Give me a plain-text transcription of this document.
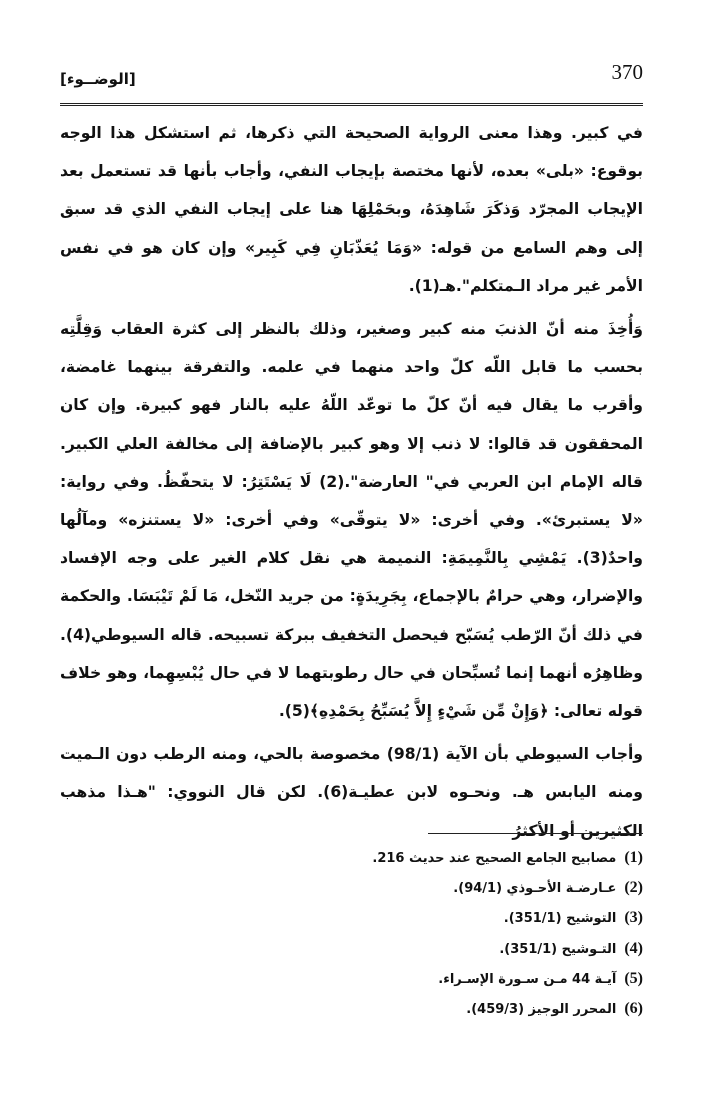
370
[الوضــوء]

في كبير. وهذا معنى الرواية الصحيحة التي ذكرها، ثم استشكل هذا الوجه بوقوع: «بلى» بعده، لأنها مختصة بإيجاب النفي، وأجاب بأنها قد تستعمل بعد الإيجاب المجرّد وَذكَرَ شَاهِدَهُ، وبحَمْلِهَا هنا على إيجاب النفي الذي قد سبق إلى وهم السامع من قوله: «وَمَا يُعَذّبَانِ فِي كَبِير» وإن كان هو في نفس الأمر غير مراد الـمتكلم".هـ(1).

وَأُخِذَ منه أنّ الذنبَ منه كبير وصغير، وذلك بالنظر إلى كثرة العقاب وَقِلَّتِه بحسب ما قابل اللّه كلّ واحد منهما في علمه. والتفرقة بينهما غامضة، وأقرب ما يقال فيه أنّ كلّ ما توعّد اللّهُ عليه بالنار فهو كبيرة. وإن كان المحققون قد قالوا: لا ذنب إلا وهو كبير بالإضافة إلى مخالفة العلي الكبير. قاله الإمام ابن العربي في" العارضة".(2) لَا يَسْتَتِرُ: لا يتحفّظُ. وفي رواية: «لا يستبرئ». وفي أخرى: «لا يتوقّى» وفي أخرى: «لا يستنزه» ومآلُها واحدٌ(3). يَمْشِي بِالنَّمِيمَةِ: النميمة هي نقل كلام الغير على وجه الإفساد والإضرار، وهي حرامٌ بالإجماع، بِجَرِيدَةٍ: من جريد النّخل، مَا لَمْ تَيْبَسَا. والحكمة في ذلك أنّ الرّطب يُسَبّح فيحصل التخفيف ببركة تسبيحه. قاله السيوطي(4). وظاهِرُه أنهما إنما تُسبِّحان في حال رطوبتهما لا في حال يُبْسِهِما، وهو خلاف قوله تعالى: ﴿وَإِنْ مِّن شَيْءٍ إِلاَّ يُسَبِّحُ بِحَمْدِهِ﴾(5).

وأجاب السيوطي بأن الآية (98/1) مخصوصة بالحي، ومنه الرطب دون الـميت ومنه اليابس هـ. ونحـوه لابن عطيـة(6). لكن قال النووي: "هـذا مذهب الكثيرين أو الأكثرُ

(1)مصابيح الجامع الصحيح عند حديث 216.
(2)عـارضـة الأحـوذي (94/1).
(3)التوشيح (351/1).
(4)التـوشيح (351/1).
(5)آيـة 44 مـن سـورة الإسـراء.
(6)المحرر الوجيز (459/3).
